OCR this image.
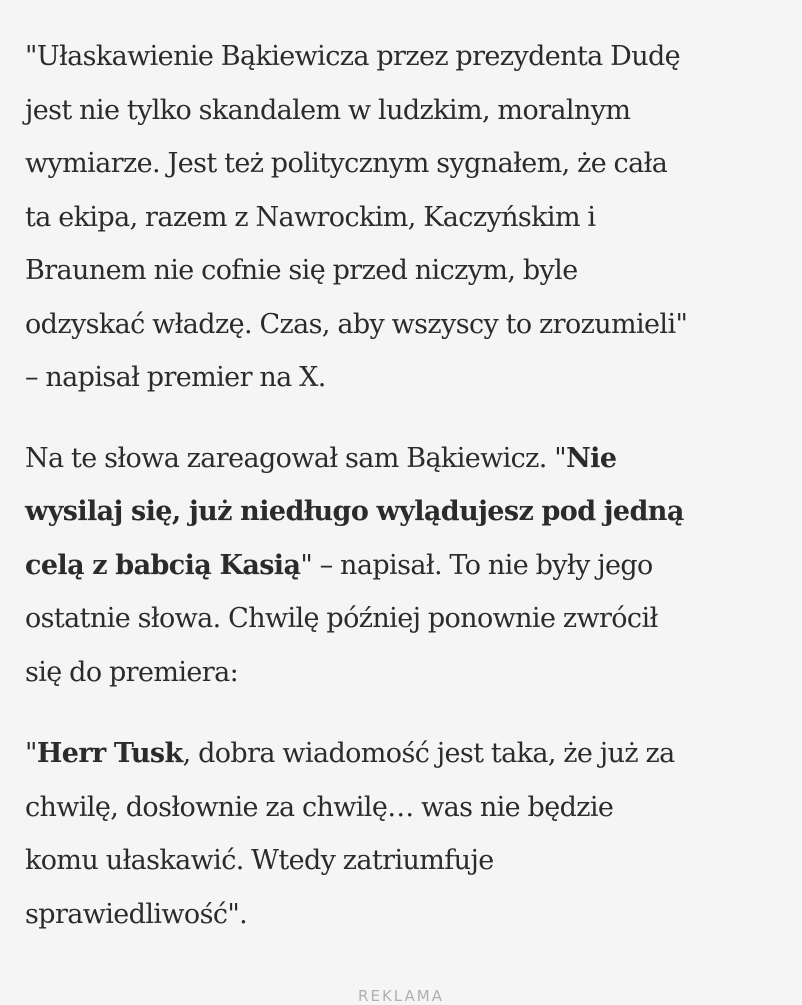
"Ułaskawienie Bąkiewicza przez prezydenta Dudę
jest nie tylko skandalem w ludzkim, moralnym
wymiarze. Jest też politycznym sygnałem, że cała
ta ekipa, razem z Nawrockim, Kaczyńskim i
Braunem nie cofnie się przed niczym, byle
odzyskać władzę. Czas, aby wszyscy to zrozumieli"
– napisał premier na X.

Na te słowa zareagował sam Bąkiewicz. "Nie
wysilaj się, już niedługo wylądujesz pod jedną
celą z babcią Kasią" – napisał. To nie były jego
ostatnie słowa. Chwilę później ponownie zwrócił
się do premiera:

"Herr Tusk, dobra wiadomość jest taka, że już za
chwilę, dosłownie za chwilę… was nie będzie
komu ułaskawić. Wtedy zatriumfuje
sprawiedliwość".

REKLAMA
